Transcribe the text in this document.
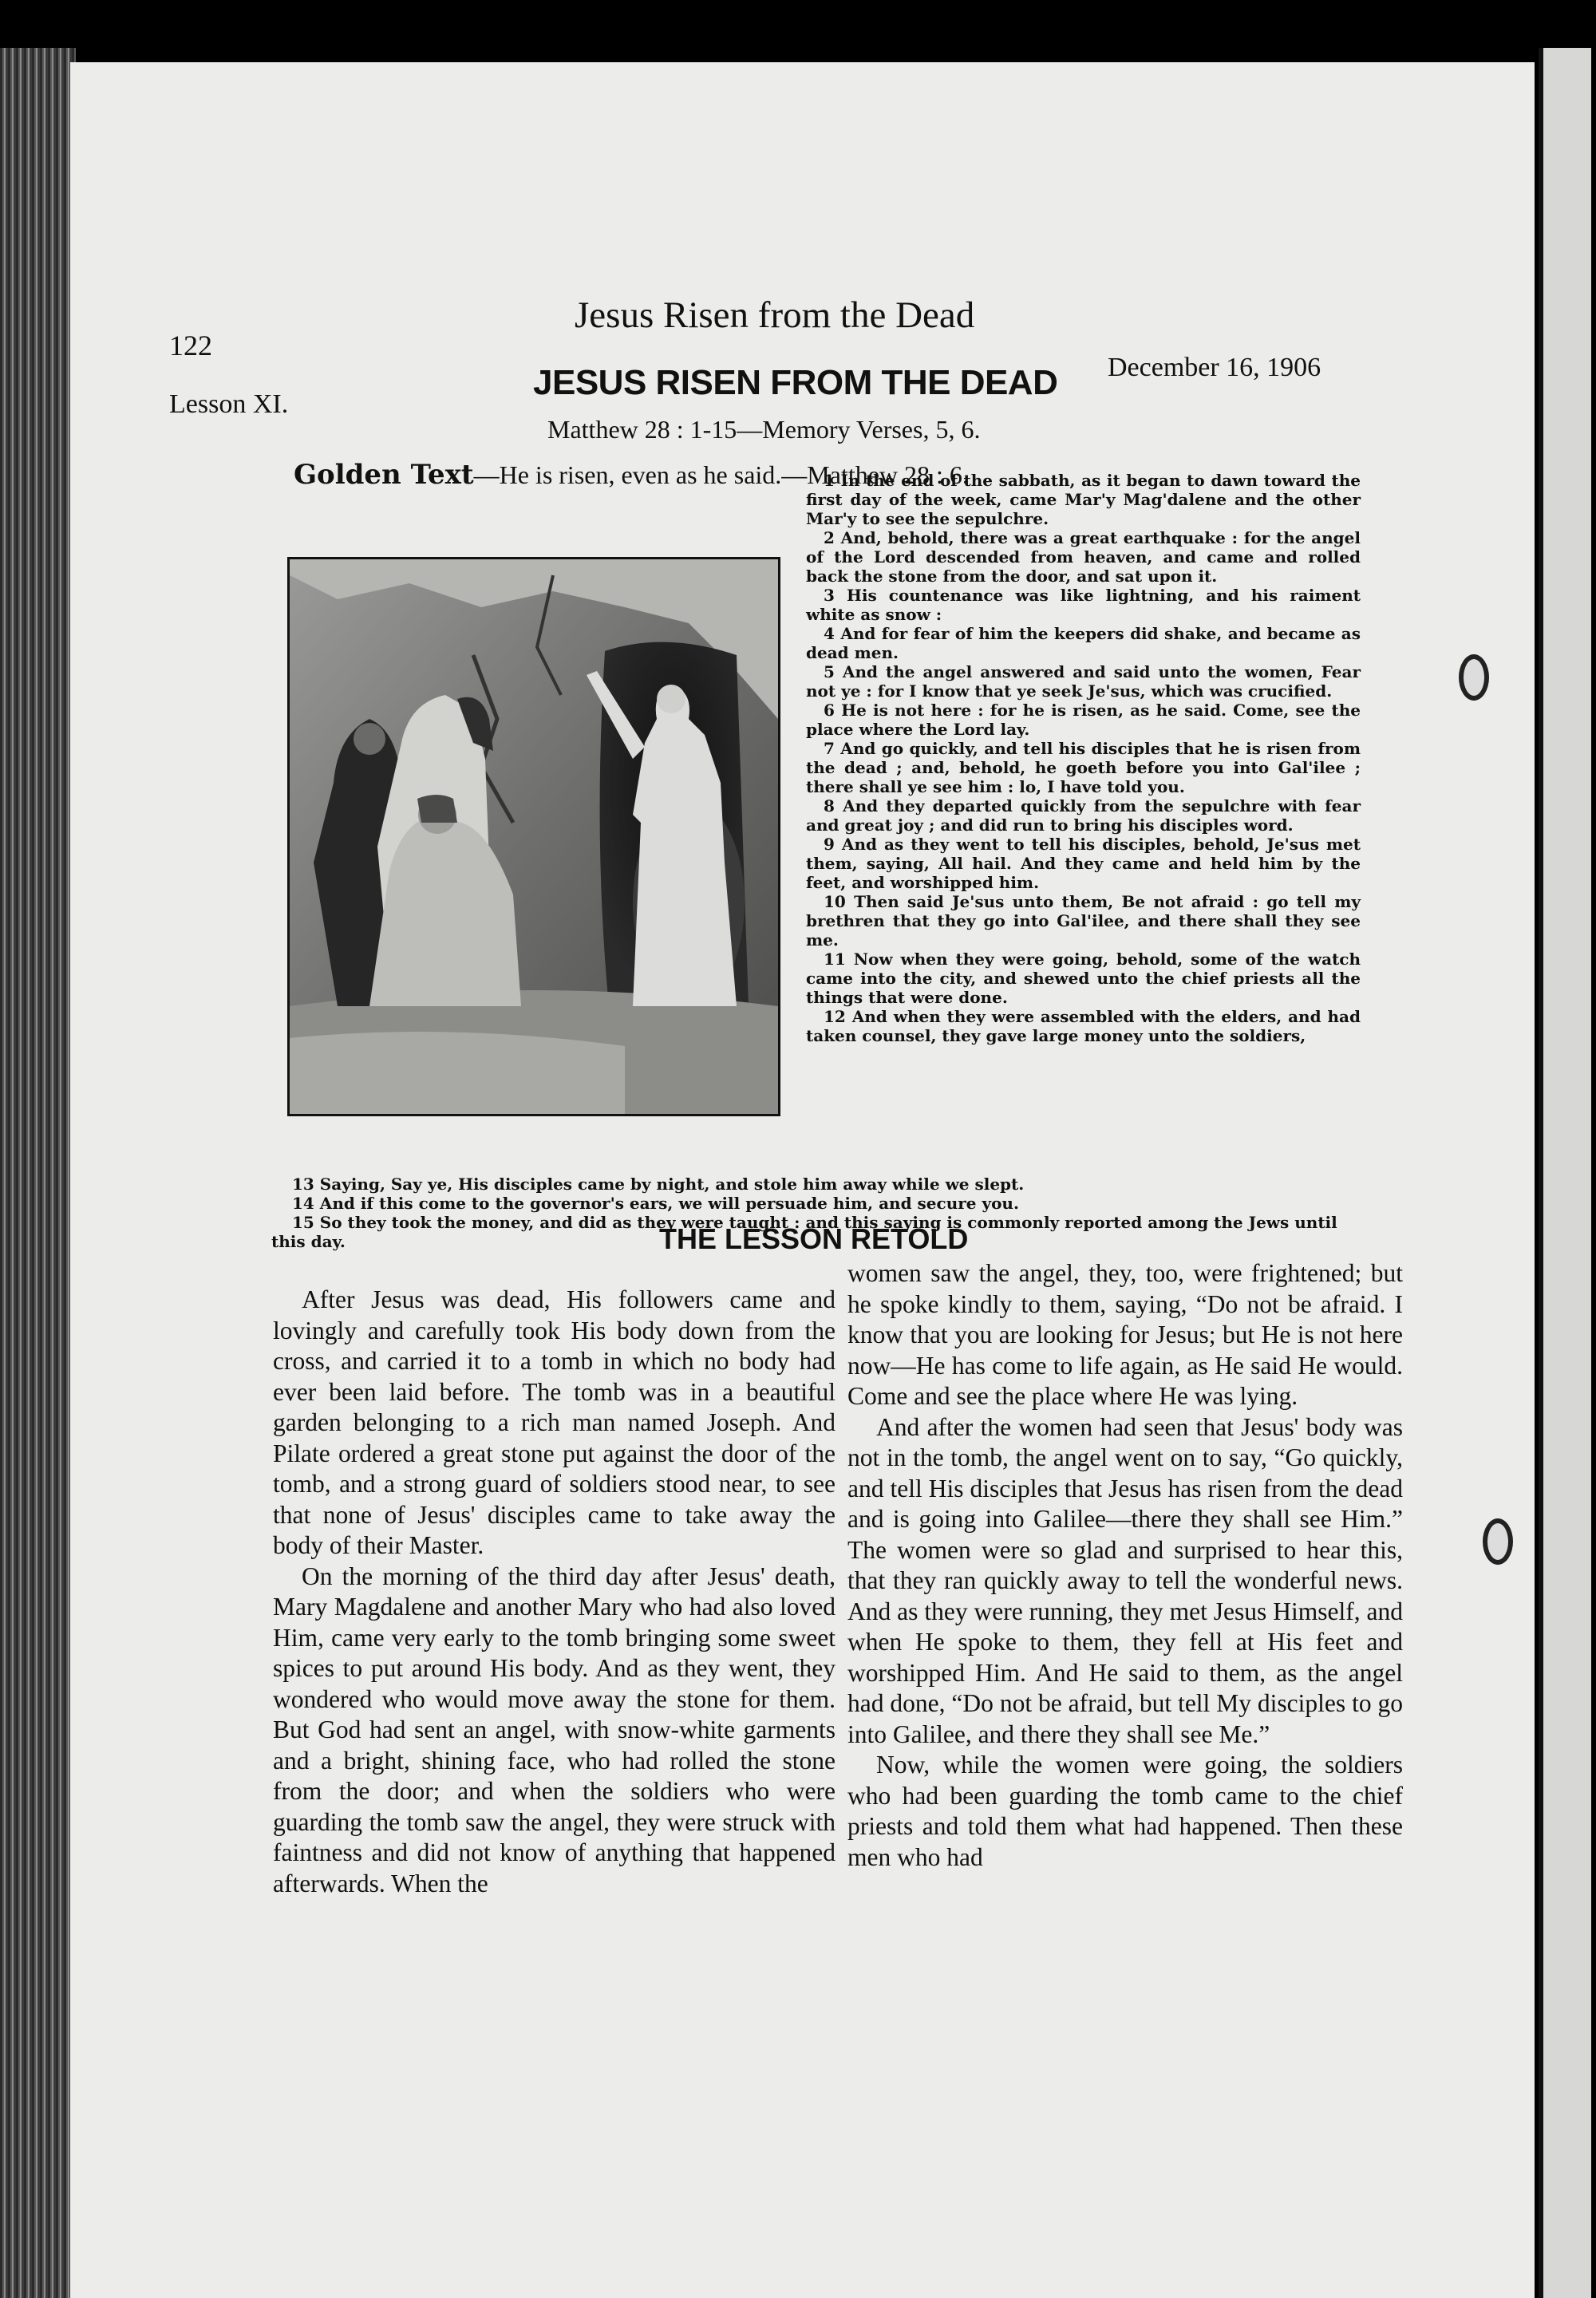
122
Jesus Risen from the Dead
Lesson XI.
JESUS RISEN FROM THE DEAD December 16, 1906
Matthew 28 : 1-15—Memory Verses, 5, 6.
Golden Text—He is risen, even as he said.—Matthew 28 : 6.

1 In the end of the sabbath, as it began to dawn toward the first day of the week, came Mar'y Mag'dalene and the other Mar'y to see the sepulchre.

2 And, behold, there was a great earthquake : for the angel of the Lord descended from heaven, and came and rolled back the stone from the door, and sat upon it.

3 His countenance was like lightning, and his raiment white as snow :

4 And for fear of him the keepers did shake, and became as dead men.

5 And the angel answered and said unto the women, Fear not ye : for I know that ye seek Je'sus, which was crucified.

6 He is not here : for he is risen, as he said. Come, see the place where the Lord lay.

7 And go quickly, and tell his disciples that he is risen from the dead ; and, behold, he goeth before you into Gal'ilee ; there shall ye see him : lo, I have told you.

8 And they departed quickly from the sepulchre with fear and great joy ; and did run to bring his disciples word.

9 And as they went to tell his disciples, behold, Je'sus met them, saying, All hail. And they came and held him by the feet, and worshipped him.

10 Then said Je'sus unto them, Be not afraid : go tell my brethren that they go into Gal'ilee, and there shall they see me.

11 Now when they were going, behold, some of the watch came into the city, and shewed unto the chief priests all the things that were done.

12 And when they were assembled with the elders, and had taken counsel, they gave large money unto the soldiers,

13 Saying, Say ye, His disciples came by night, and stole him away while we slept.

14 And if this come to the governor's ears, we will persuade him, and secure you.

15 So they took the money, and did as they were taught : and this saying is commonly reported among the Jews until this day.	THE LESSON RETOLD

After Jesus was dead, His followers came and lovingly and carefully took His body down from the cross, and carried it to a tomb in which no body had ever been laid before. The tomb was in a beautiful garden belonging to a rich man named Joseph. And Pilate ordered a great stone put against the door of the tomb, and a strong guard of soldiers stood near, to see that none of Jesus' disciples came to take away the body of their Master.

On the morning of the third day after Jesus' death, Mary Magdalene and another Mary who had also loved Him, came very early to the tomb bringing some sweet spices to put around His body. And as they went, they wondered who would move away the stone for them. But God had sent an angel, with snow-white garments and a bright, shining face, who had rolled the stone from the door; and when the soldiers who were guarding the tomb saw the angel, they were struck with faintness and did not know of anything that happened afterwards. When the

women saw the angel, they, too, were frightened; but he spoke kindly to them, saying, “Do not be afraid. I know that you are looking for Jesus; but He is not here now—He has come to life again, as He said He would. Come and see the place where He was lying.

And after the women had seen that Jesus' body was not in the tomb, the angel went on to say, “Go quickly, and tell His disciples that Jesus has risen from the dead and is going into Galilee—there they shall see Him.” The women were so glad and surprised to hear this, that they ran quickly away to tell the wonderful news. And as they were running, they met Jesus Himself, and when He spoke to them, they fell at His feet and worshipped Him. And He said to them, as the angel had done, “Do not be afraid, but tell My disciples to go into Galilee, and there they shall see Me.”

Now, while the women were going, the soldiers who had been guarding the tomb came to the chief priests and told them what had happened. Then these men who had
